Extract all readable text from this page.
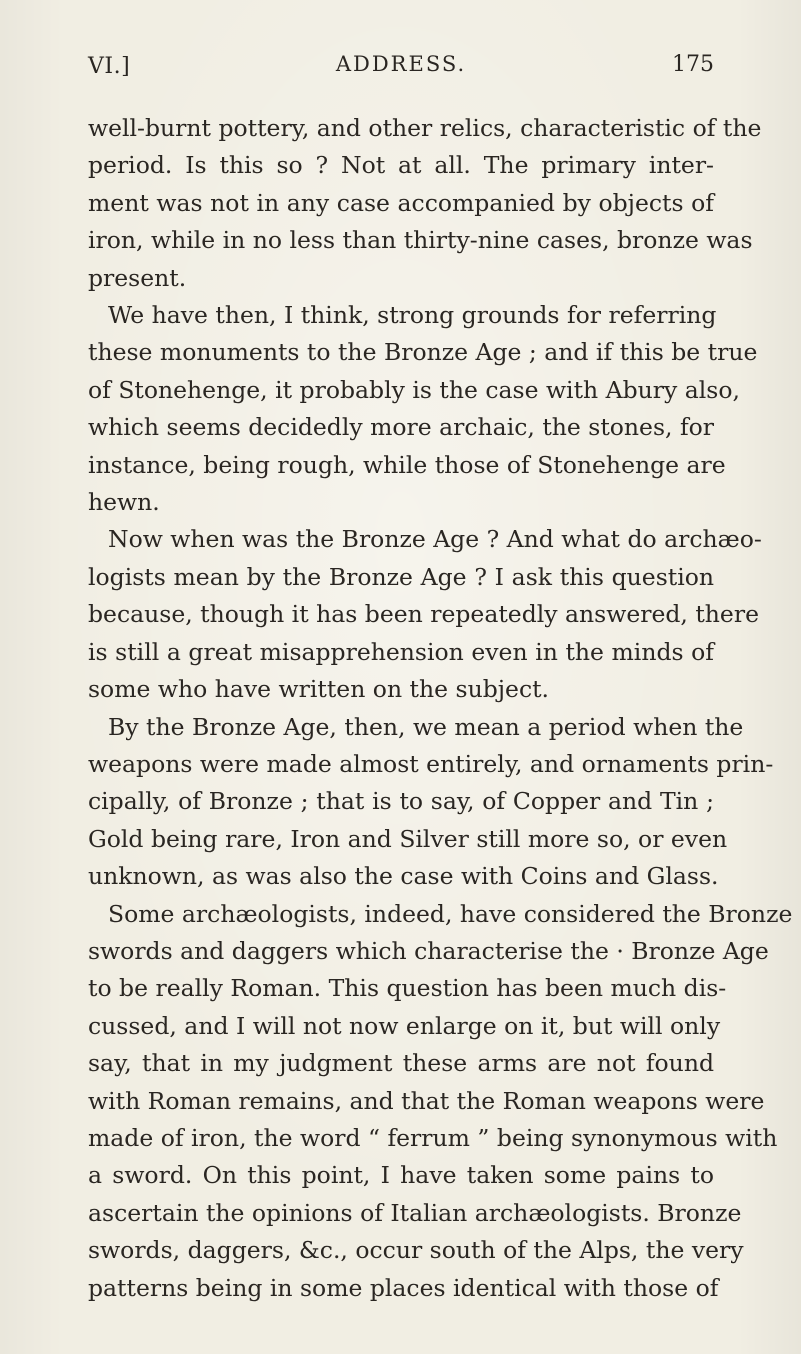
VI.]	ADDRESS.	175
well-burnt pottery, and other relics, characteristic of the
period. Is this so ? Not at all. The primary inter-
ment was not in any case accompanied by objects of
iron, while in no less than thirty-nine cases, bronze was
present.
We have then, I think, strong grounds for referring
these monuments to the Bronze Age ; and if this be true
of Stonehenge, it probably is the case with Abury also,
which seems decidedly more archaic, the stones, for
instance, being rough, while those of Stonehenge are
hewn.
Now when was the Bronze Age ? And what do archæo-
logists mean by the Bronze Age ? I ask this question
because, though it has been repeatedly answered, there
is still a great misapprehension even in the minds of
some who have written on the subject.
By the Bronze Age, then, we mean a period when the
weapons were made almost entirely, and ornaments prin-
cipally, of Bronze ; that is to say, of Copper and Tin ;
Gold being rare, Iron and Silver still more so, or even
unknown, as was also the case with Coins and Glass.
Some archæologists, indeed, have considered the Bronze
swords and daggers which characterise the · Bronze Age
to be really Roman. This question has been much dis-
cussed, and I will not now enlarge on it, but will only
say, that in my judgment these arms are not found
with Roman remains, and that the Roman weapons were
made of iron, the word “ ferrum ” being synonymous with
a sword. On this point, I have taken some pains to
ascertain the opinions of Italian archæologists. Bronze
swords, daggers, &c., occur south of the Alps, the very
patterns being in some places identical with those of
